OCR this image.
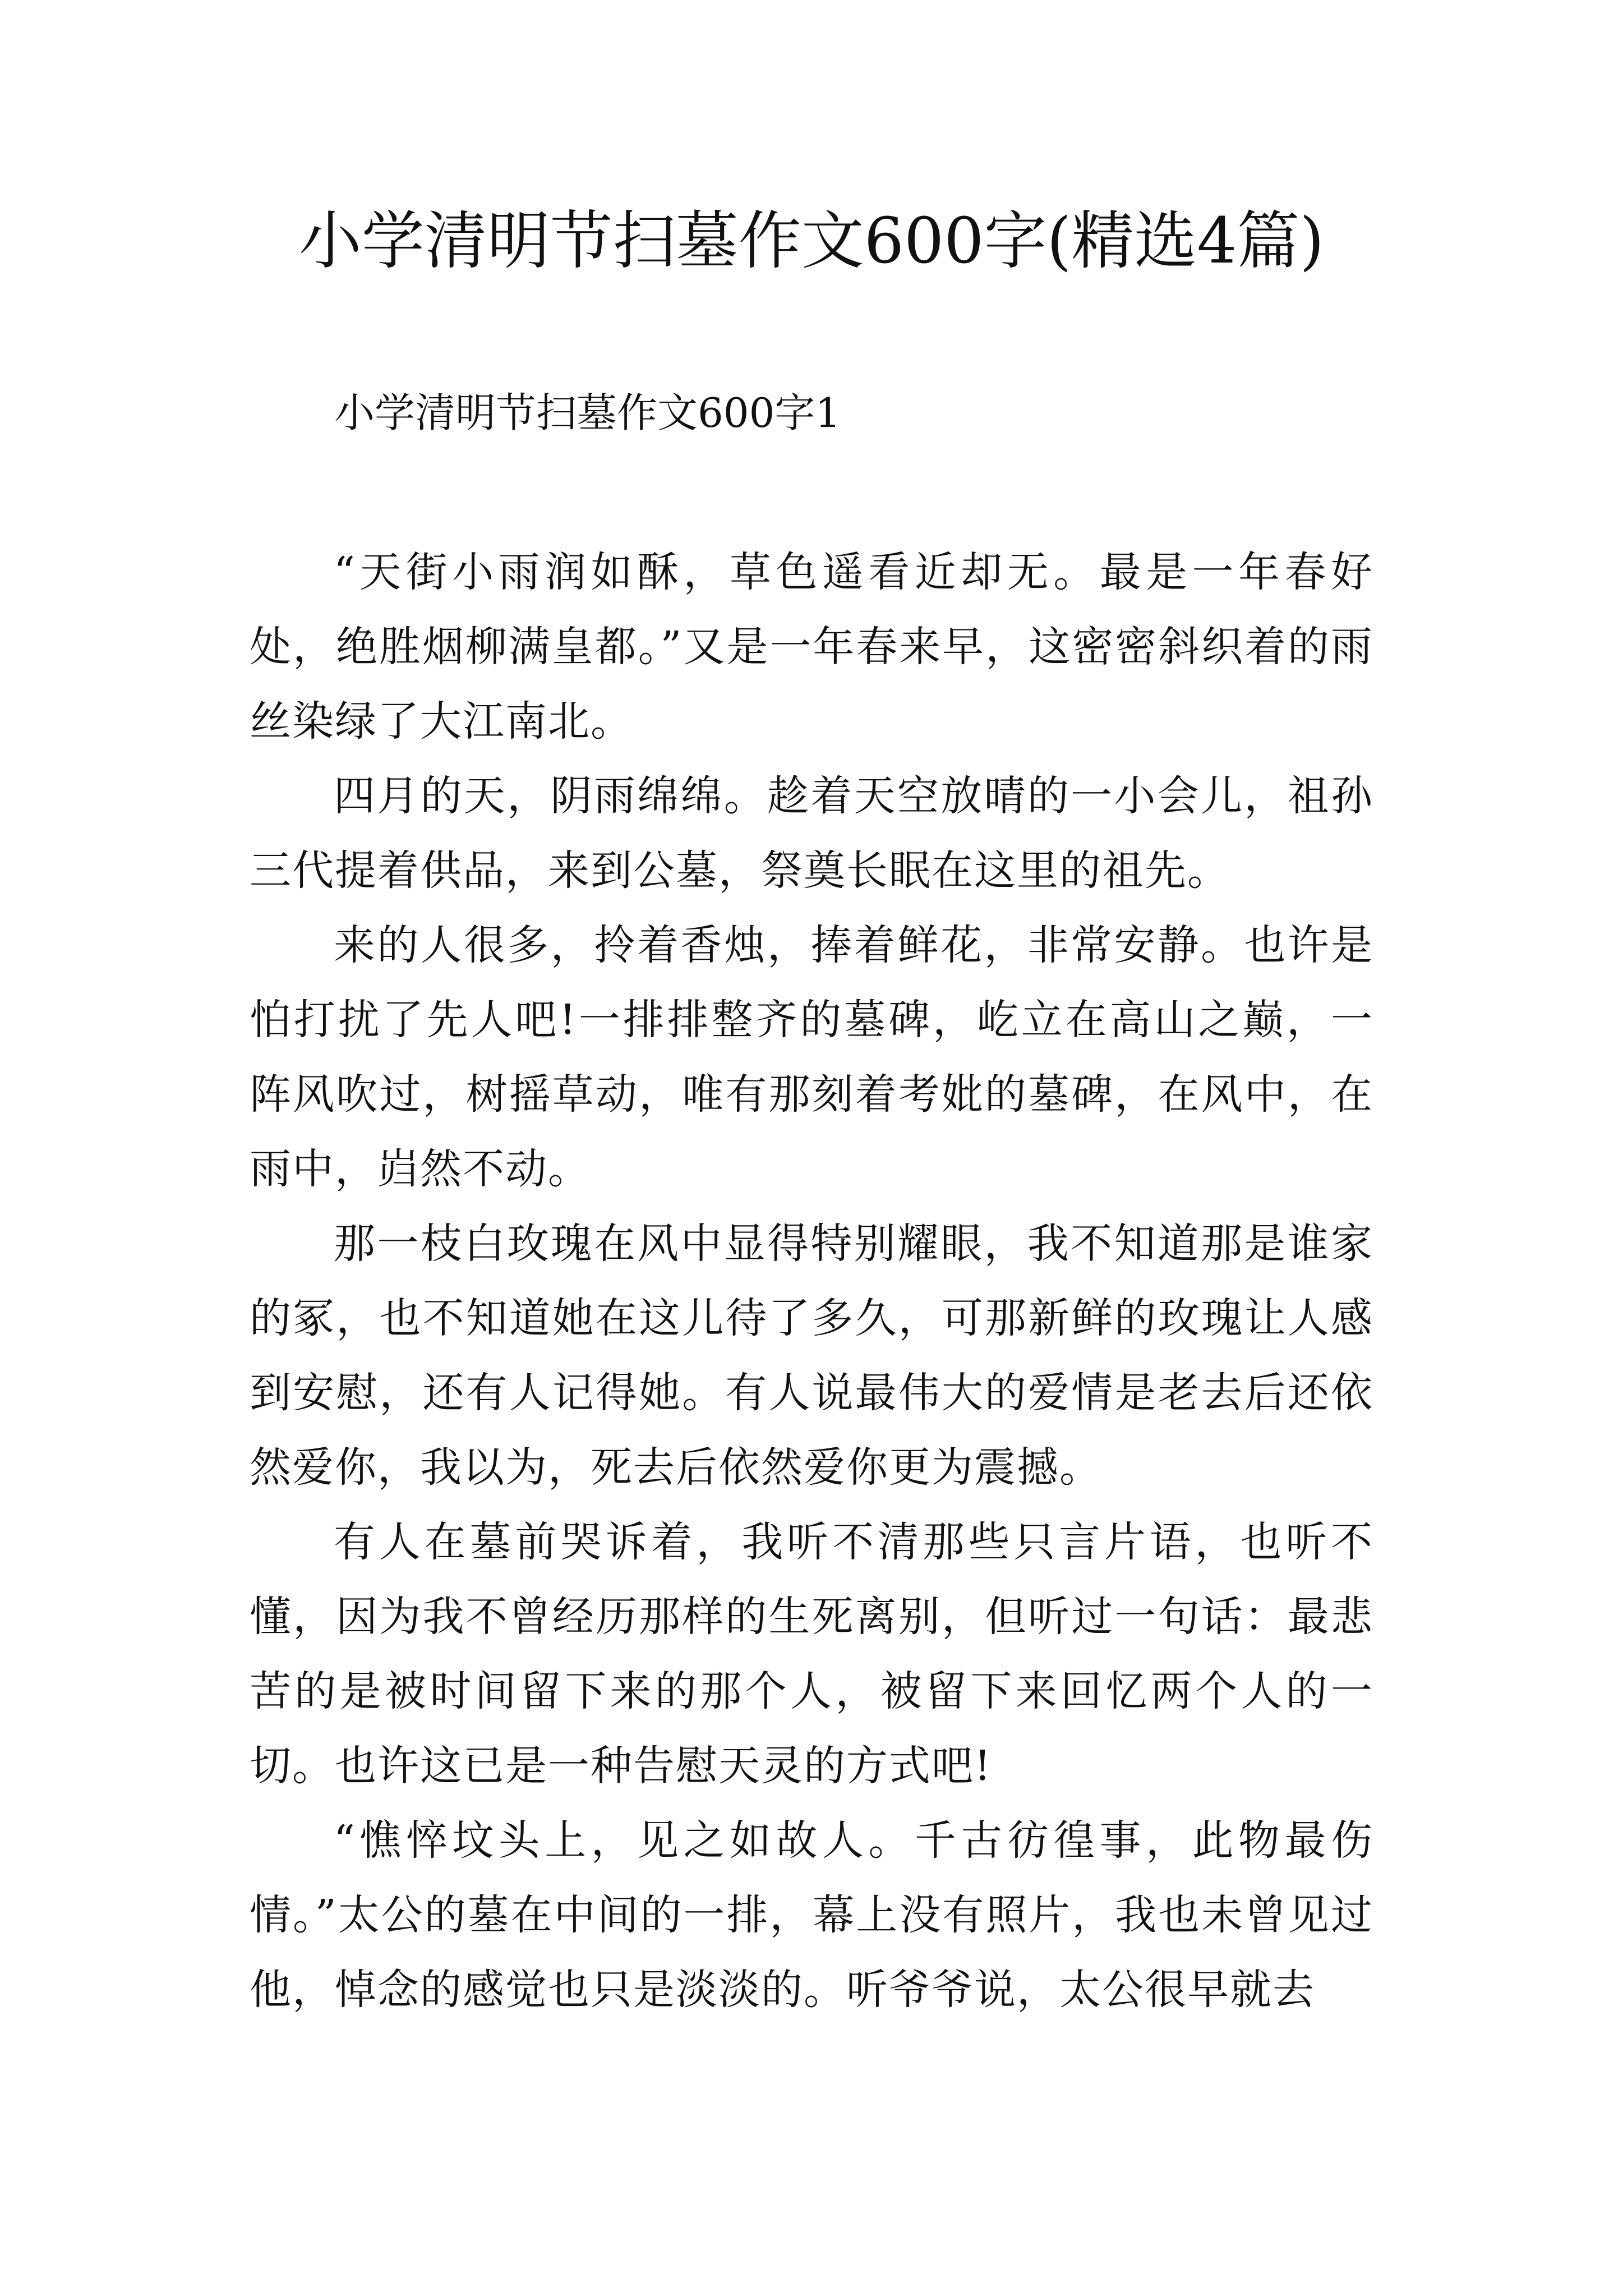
小学清明节扫墓作文600字(精选4篇)
小学清明节扫墓作文600字1

“天街小雨润如酥，草色遥看近却无。最是一年春好处，绝胜烟柳满皇都。”又是一年春来早，这密密斜织着的雨丝染绿了大江南北。

四月的天，阴雨绵绵。趁着天空放晴的一小会儿，祖孙三代提着供品，来到公墓，祭奠长眠在这里的祖先。

来的人很多，拎着香烛，捧着鲜花，非常安静。也许是怕打扰了先人吧!一排排整齐的墓碑，屹立在高山之巅，一阵风吹过，树摇草动，唯有那刻着考妣的墓碑，在风中，在雨中，岿然不动。

那一枝白玫瑰在风中显得特别耀眼，我不知道那是谁家的冢，也不知道她在这儿待了多久，可那新鲜的玫瑰让人感到安慰，还有人记得她。有人说最伟大的爱情是老去后还依然爱你，我以为，死去后依然爱你更为震撼。

有人在墓前哭诉着，我听不清那些只言片语，也听不懂，因为我不曾经历那样的生死离别，但听过一句话：最悲苦的是被时间留下来的那个人，被留下来回忆两个人的一切。也许这已是一种告慰天灵的方式吧!

“憔悴坟头上，见之如故人。千古彷徨事，此物最伤情。”太公的墓在中间的一排，幕上没有照片，我也未曾见过他，悼念的感觉也只是淡淡的。听爷爷说，太公很早就去
